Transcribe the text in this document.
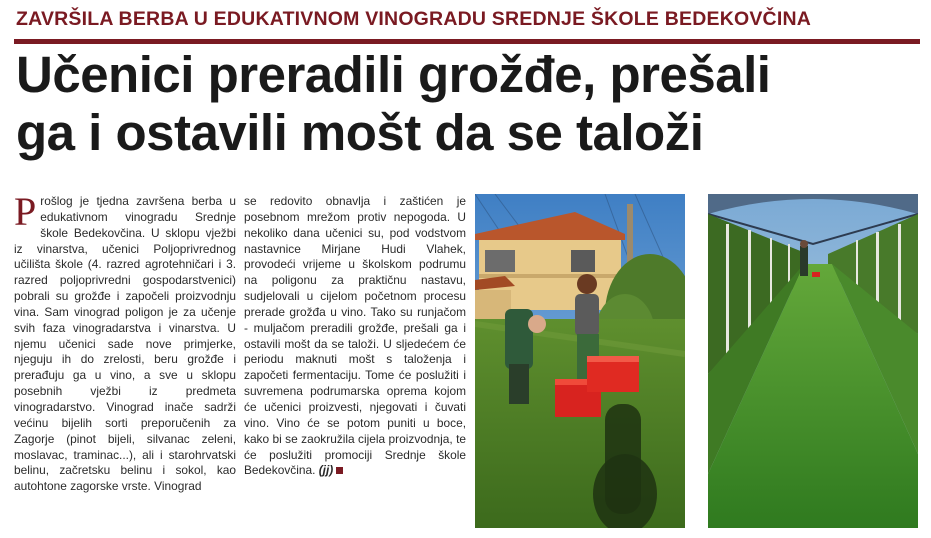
ZAVRŠILA BERBA U EDUKATIVNOM VINOGRADU SREDNJE ŠKOLE BEDEKOVČINA
Učenici preradili grožđe, prešali
ga i ostavili mošt da se taloži
Prošlog je tjedna završena berba u edukativnom vinogradu Srednje škole Bedekovčina. U sklopu vježbi iz vinarstva, učenici Poljoprivrednog učilišta škole (4. razred agrotehničari i 3. razred poljoprivredni gospodarstvenici) pobrali su grožđe i započeli proizvodnju vina. Sam vinograd poligon je za učenje svih faza vinogradarstva i vinarstva. U njemu učenici sade nove primjerke, njeguju ih do zrelosti, beru grožđe i prerađuju ga u vino, a sve u sklopu posebnih vježbi iz predmeta vinogradarstvo. Vinograd inače sadrži većinu bijelih sorti preporučenih za Zagorje (pinot bijeli, silvanac zeleni, moslavac, traminac...), ali i starohrvatski belinu, začretsku belinu i sokol, kao autohtone zagorske vrste. Vinograd
se redovito obnavlja i zaštićen je posebnom mrežom protiv nepogoda. U nekoliko dana učenici su, pod vodstvom nastavnice Mirjane Hudi Vlahek, provodeći vrijeme u školskom podrumu na poligonu za praktičnu nastavu, sudjelovali u cijelom početnom procesu prerade grožđa u vino. Tako su runjačom - muljačom preradili grožđe, prešali ga i ostavili mošt da se taloži. U sljedećem će periodu maknuti mošt s taloženja i započeti fermentaciju. Tome će poslužiti i suvremena podrumarska oprema kojom će učenici proizvesti, njegovati i čuvati vino. Vino će se potom puniti u boce, kako bi se zaokružila cijela proizvodnja, te će poslužiti promociji Srednje škole Bedekovčina. (jj)
